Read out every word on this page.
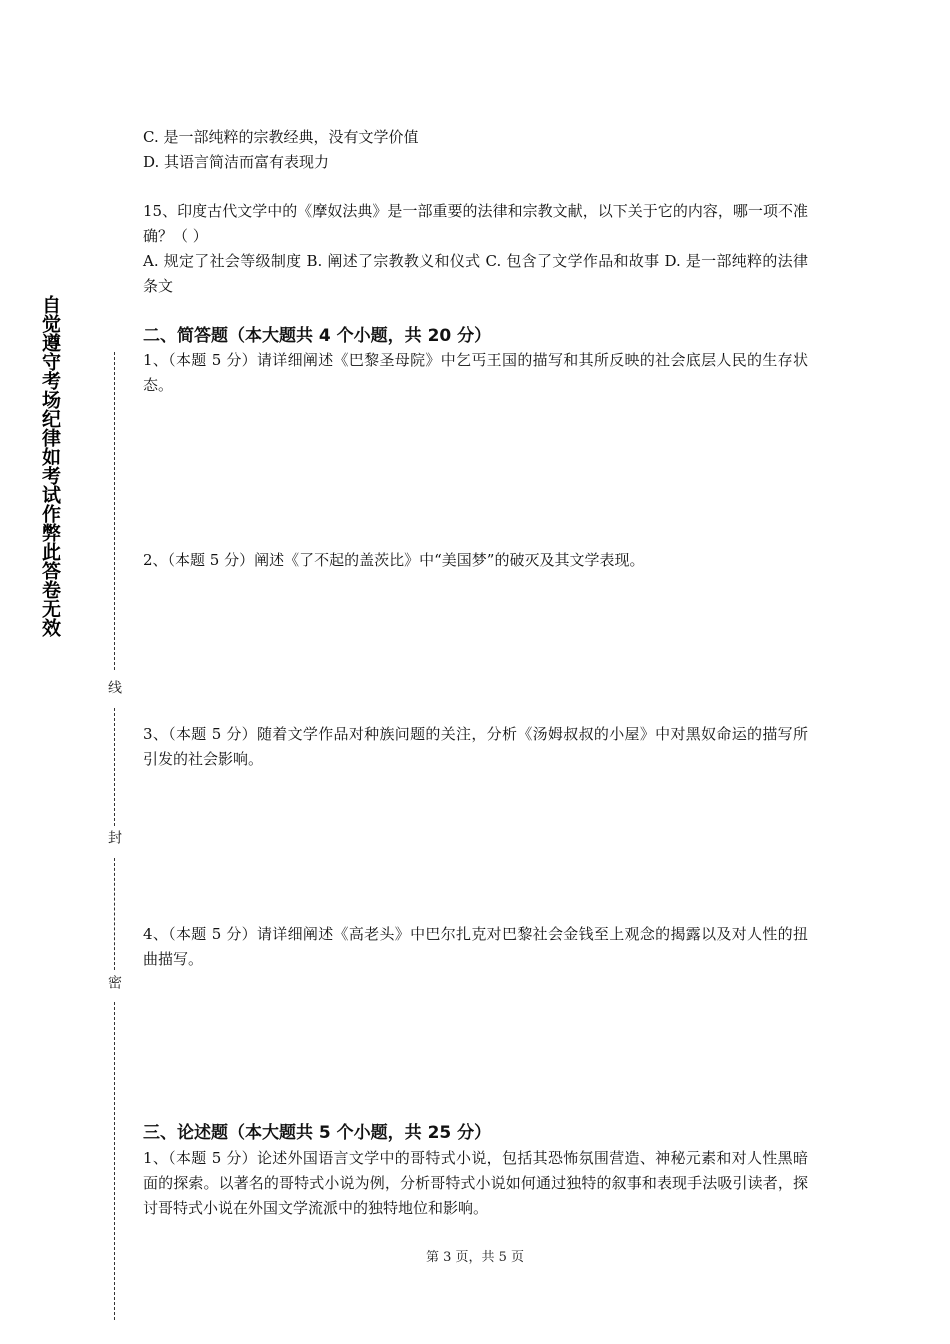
自觉遵守考场纪律如考试作弊此答卷无效
线
封
密

C. 是一部纯粹的宗教经典，没有文学价值

D. 其语言简洁而富有表现力

15、印度古代文学中的《摩奴法典》是一部重要的法律和宗教文献，以下关于它的内容，哪一项不准确？（ ）

A. 规定了社会等级制度 B. 阐述了宗教教义和仪式 C. 包含了文学作品和故事 D. 是一部纯粹的法律条文

二、简答题（本大题共 4 个小题，共 20 分）

1、（本题 5 分）请详细阐述《巴黎圣母院》中乞丐王国的描写和其所反映的社会底层人民的生存状态。

2、（本题 5 分）阐述《了不起的盖茨比》中“美国梦”的破灭及其文学表现。

3、（本题 5 分）随着文学作品对种族问题的关注，分析《汤姆叔叔的小屋》中对黑奴命运的描写所引发的社会影响。

4、（本题 5 分）请详细阐述《高老头》中巴尔扎克对巴黎社会金钱至上观念的揭露以及对人性的扭曲描写。

三、论述题（本大题共 5 个小题，共 25 分）

1、（本题 5 分）论述外国语言文学中的哥特式小说，包括其恐怖氛围营造、神秘元素和对人性黑暗面的探索。以著名的哥特式小说为例，分析哥特式小说如何通过独特的叙事和表现手法吸引读者，探讨哥特式小说在外国文学流派中的独特地位和影响。

第 3 页，共 5 页
